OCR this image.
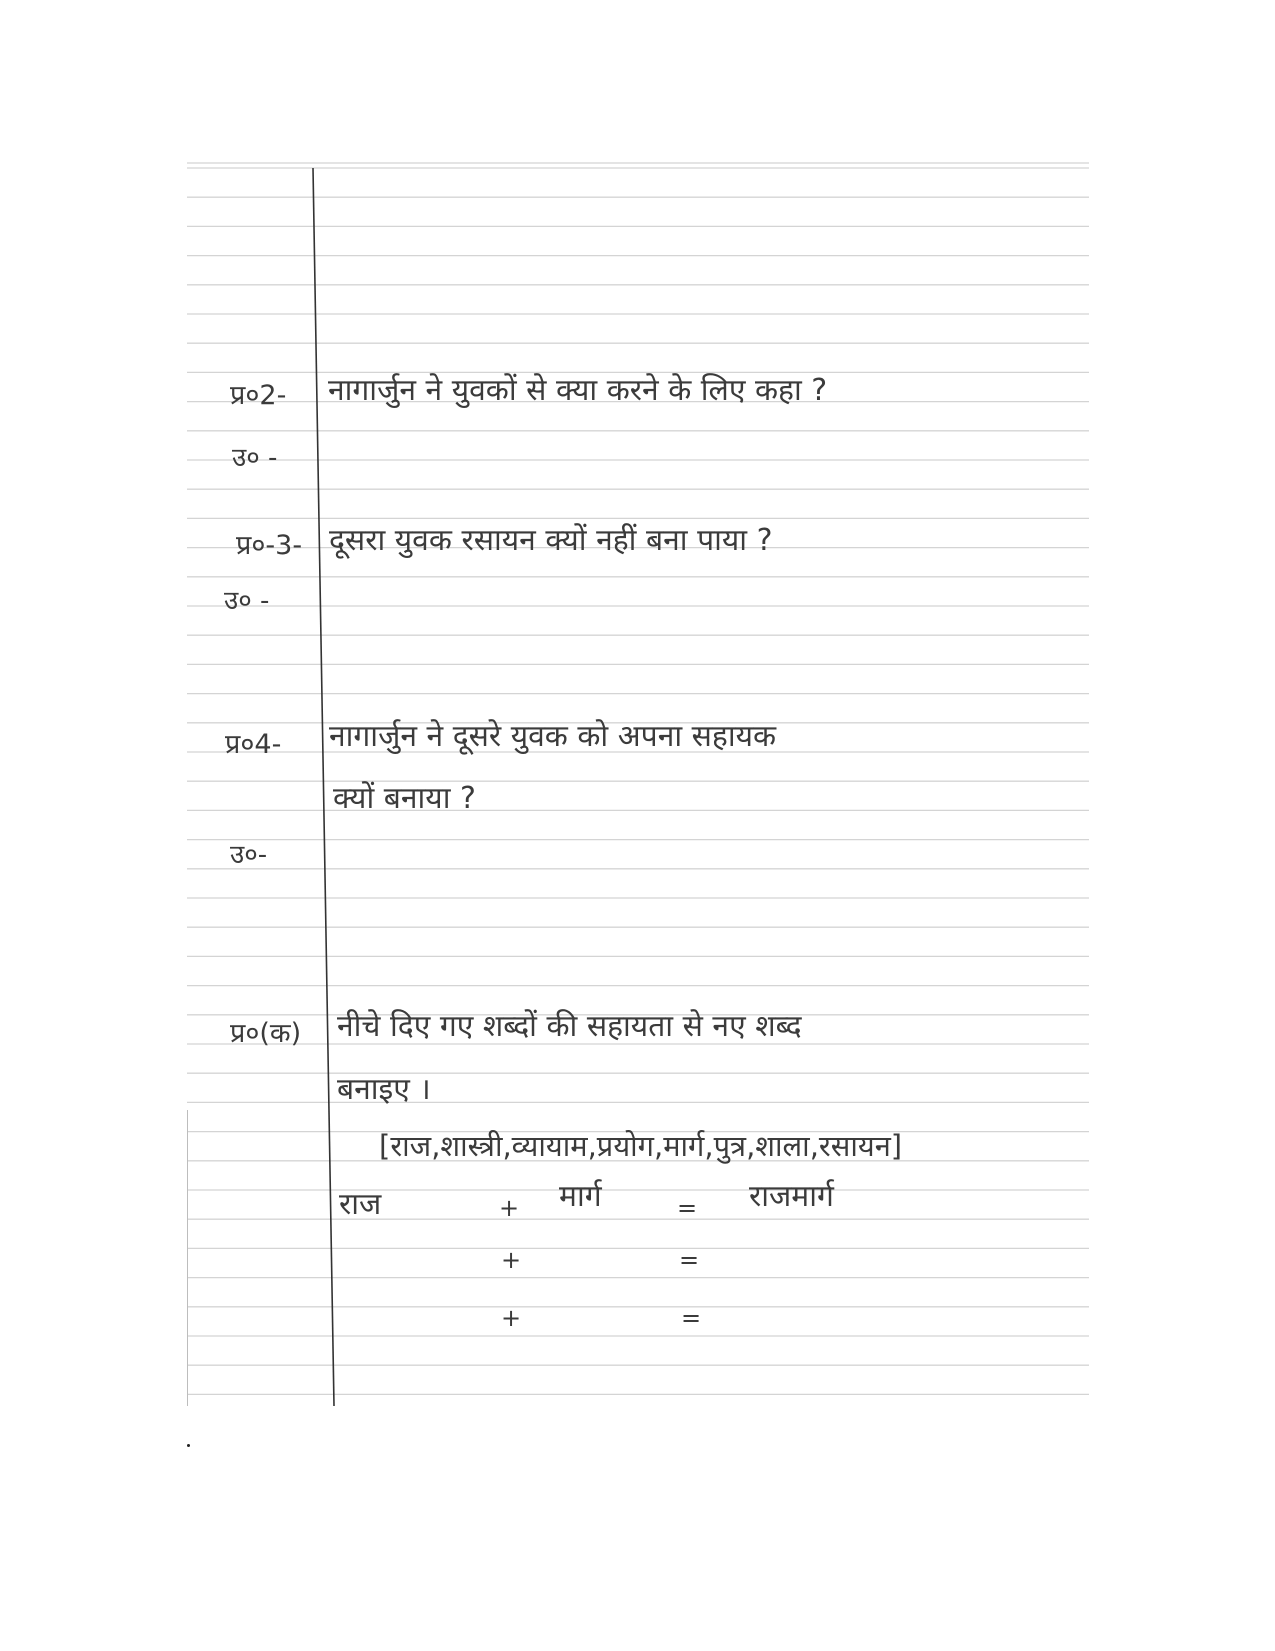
प्र०2- नागार्जुन ने युवकों से क्या करने के लिए कहा ?
उ० -
प्र०-3- दूसरा युवक रसायन क्यों नहीं बना पाया ?
उ० -
प्र०4- नागार्जुन ने दूसरे युवक को अपना सहायक
क्यों बनाया ?
उ०-
प्र०(क) नीचे दिए गए शब्दों की सहायता से नए शब्द
बनाइए ।
[राज,शास्त्री,व्यायाम,प्रयोग,मार्ग,पुत्र,शाला,रसायन]
राज	+ मार्ग	= राजमार्ग
+	=
+	=
